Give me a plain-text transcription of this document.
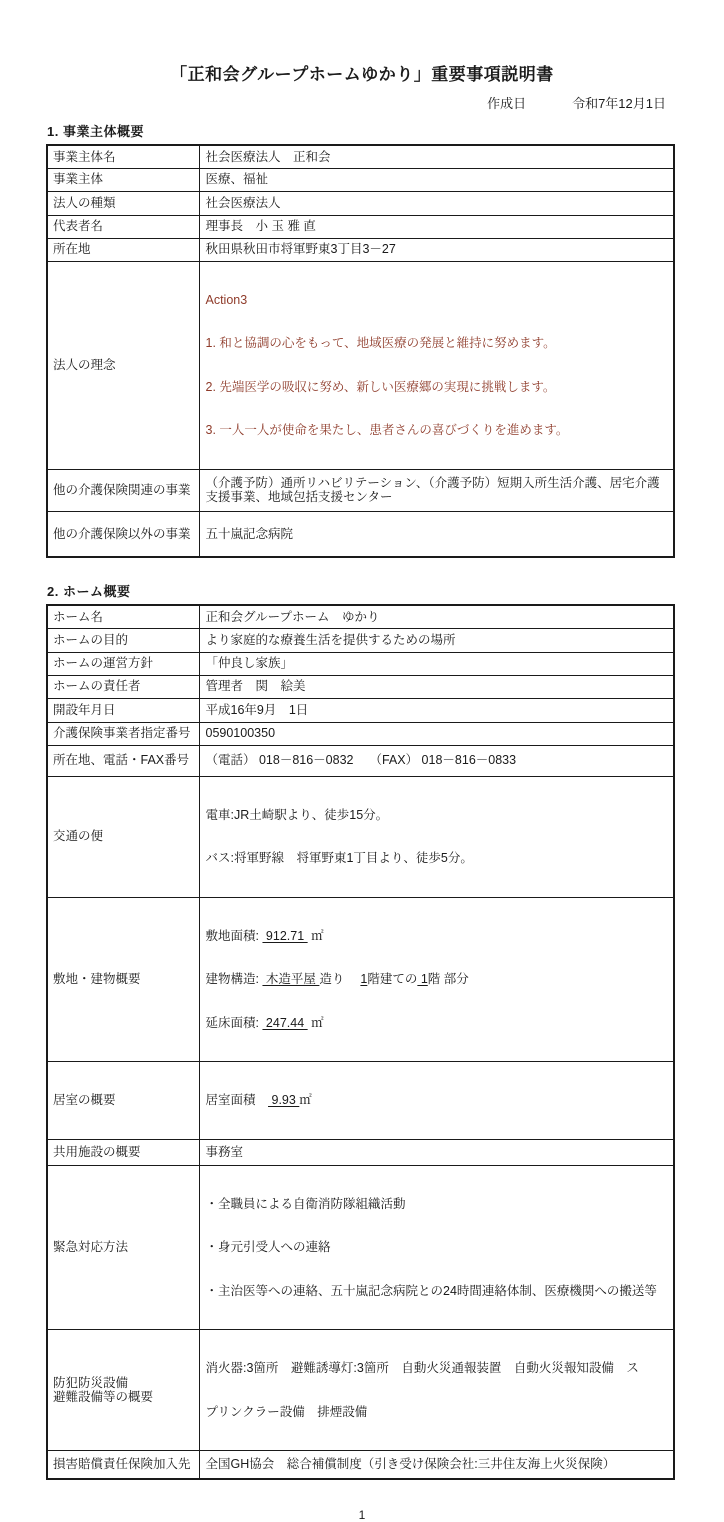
「正和会グループホームゆかり」重要事項説明書
作成日	令和7年12月1日
1. 事業主体概要
事業主体名	社会医療法人　正和会
事業主体	医療、福祉
法人の種類	社会医療法人
代表者名	理事長　小 玉 雅 直
所在地	秋田県秋田市将軍野東3丁目3－27
法人の理念	Action3

1. 和と協調の心をもって、地域医療の発展と維持に努めます。

2. 先端医学の吸収に努め、新しい医療郷の実現に挑戦します。

3. 一人一人が使命を果たし、患者さんの喜びづくりを進めます。

他の介護保険関連の事業	（介護予防）通所リハビリテーション、（介護予防）短期入所生活介護、居宅介護支援事業、地域包括支援センター
他の介護保険以外の事業	五十嵐記念病院
2. ホーム概要
ホーム名	正和会グループホーム　ゆかり
ホームの目的	より家庭的な療養生活を提供するための場所
ホームの運営方針	「仲良し家族」
ホームの責任者	管理者　関　絵美
開設年月日	平成16年9月　1日
介護保険事業者指定番号	0590100350
所在地、電話・FAX番号	（電話） 018－816－0832　 （FAX） 018－816－0833
交通の便	電車:JR土崎駅より、徒歩15分。

バス:将軍野線　将軍野東1丁目より、徒歩5分。

敷地・建物概要	敷地面積:  912.71  ㎡

建物構造:  木造平屋 造り　 1階建ての 1階 部分

延床面積:  247.44  ㎡

居室の概要	居室面積　 9.93 ㎡

共用施設の概要	事務室
緊急対応方法	・全職員による自衛消防隊組織活動

・身元引受人への連絡

・主治医等への連絡、五十嵐記念病院との24時間連絡体制、医療機関への搬送等

防犯防災設備
避難設備等の概要

消火器:3箇所　避難誘導灯:3箇所　自動火災通報装置　自動火災報知設備　ス

プリンクラー設備　排煙設備

損害賠償責任保険加入先	全国GH協会　総合補償制度（引き受け保険会社:三井住友海上火災保険）
1
